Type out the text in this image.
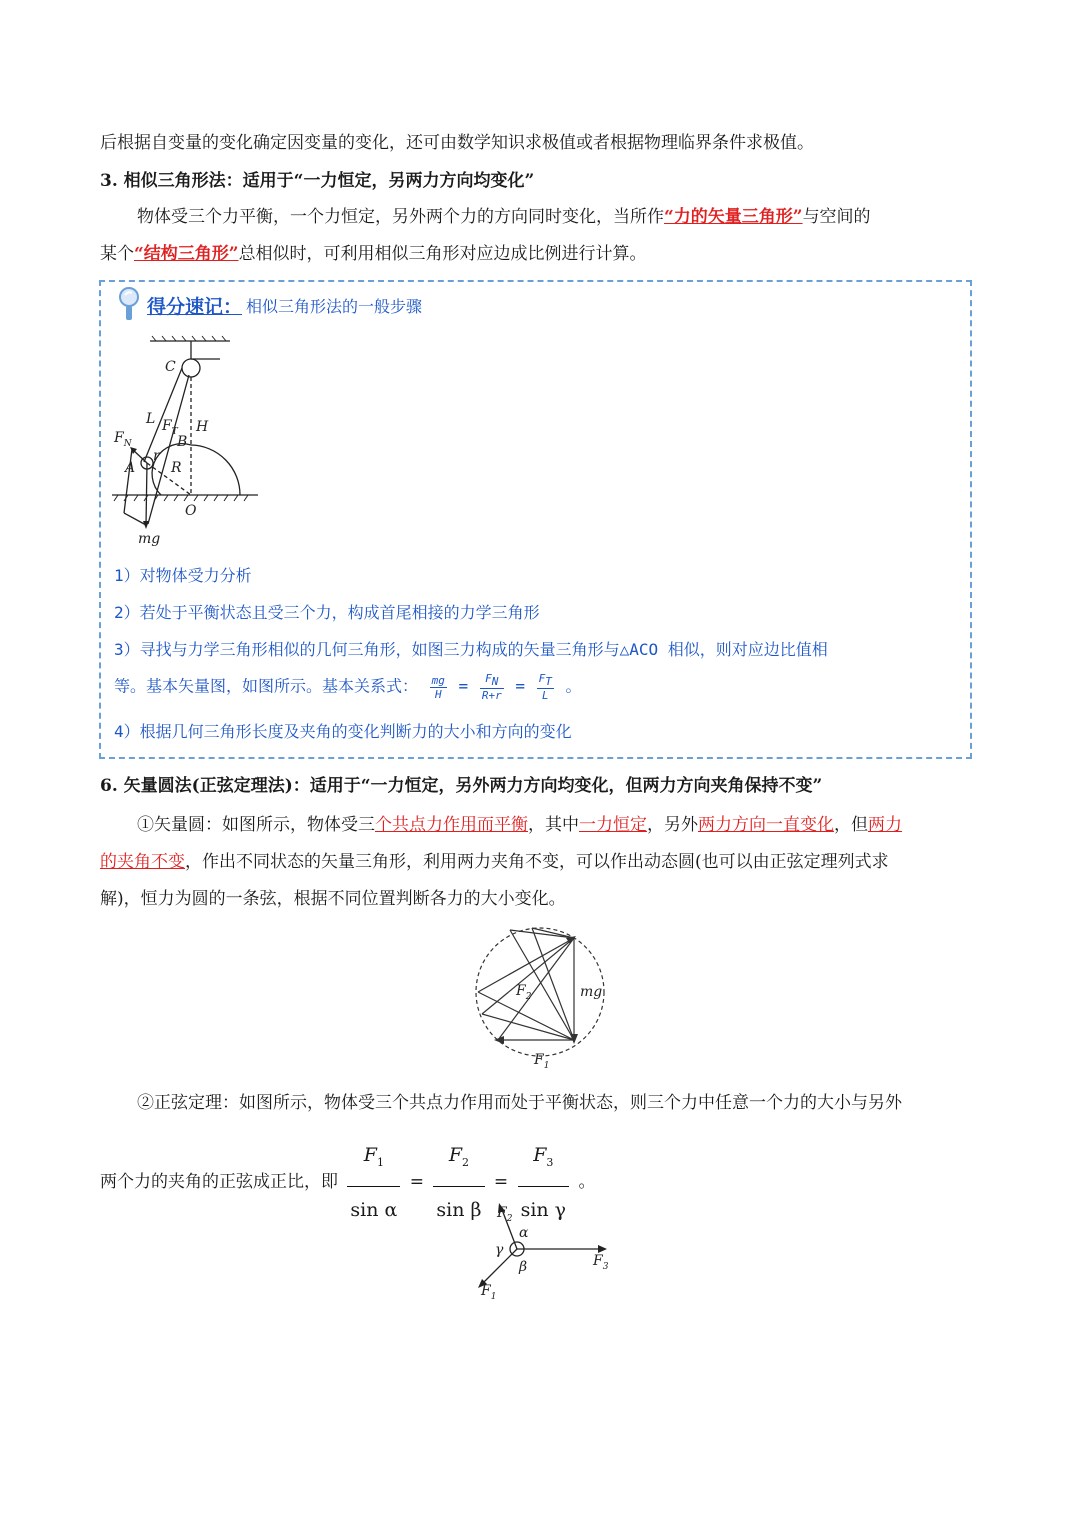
后根据自变量的变化确定因变量的变化，还可由数学知识求极值或者根据物理临界条件求极值。
3. 相似三角形法：适用于“一力恒定，另两力方向均变化”
物体受三个力平衡，一个力恒定，另外两个力的方向同时变化，当所作“力的矢量三角形”与空间的
某个“结构三角形”总相似时，可利用相似三角形对应边成比例进行计算。
得分速记： 相似三角形法的一般步骤
C
L $F_T$ H
B
$F_N$
A
r
R
O
mg
1）对物体受力分析
2）若处于平衡状态且受三个力，构成首尾相接的力学三角形
3）寻找与力学三角形相似的几何三角形，如图三力构成的矢量三角形与△ACO 相似，则对应边比值相
等。基本矢量图，如图所示。基本关系式： $\frac{mg}{H} = \frac{F_N}{R+r} = \frac{F_T}{L}$ 。
4）根据几何三角形长度及夹角的变化判断力的大小和方向的变化
6. 矢量圆法(正弦定理法)：适用于“一力恒定，另外两力方向均变化，但两力方向夹角保持不变”
①矢量圆：如图所示，物体受三个共点力作用而平衡，其中一力恒定，另外两力方向一直变化，但两力
的夹角不变，作出不同状态的矢量三角形，利用两力夹角不变，可以作出动态圆(也可以由正弦定理列式求
解)，恒力为圆的一条弦，根据不同位置判断各力的大小变化。
$F_2$	mg
$F_1$
②正弦定理：如图所示，物体受三个共点力作用而处于平衡状态，则三个力中任意一个力的大小与另外
两个力的夹角的正弦成正比，即 $\frac{F_1}{\text{sin α}} = \frac{F_2}{\text{sin β}} = \frac{F_3}{\text{sin γ}}$ 。
$F_2$
α
γ
β	$F_3$
$F_1$
